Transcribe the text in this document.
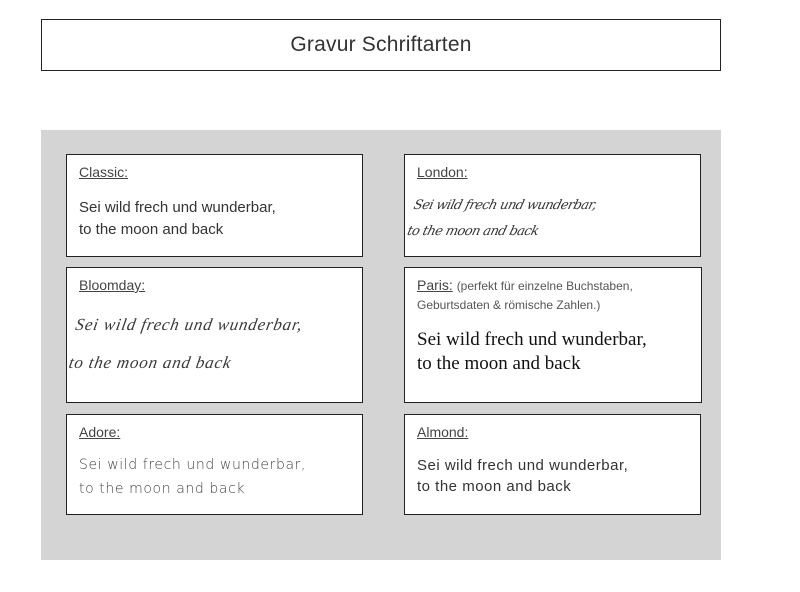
Gravur Schriftarten
Classic:
Sei wild frech und wunderbar,
to the moon and back
London:
Sei wild frech und wunderbar,
to the moon and back
Bloomday:
Sei wild frech und wunderbar,
to the moon and back
Paris: (perfekt für einzelne Buchstaben, Geburtsdaten & römische Zahlen.)
Sei wild frech und wunderbar,
to the moon and back
Adore:
Sei wild frech und wunderbar,
to the moon and back
Almond:
Sei wild frech und wunderbar,
to the moon and back
